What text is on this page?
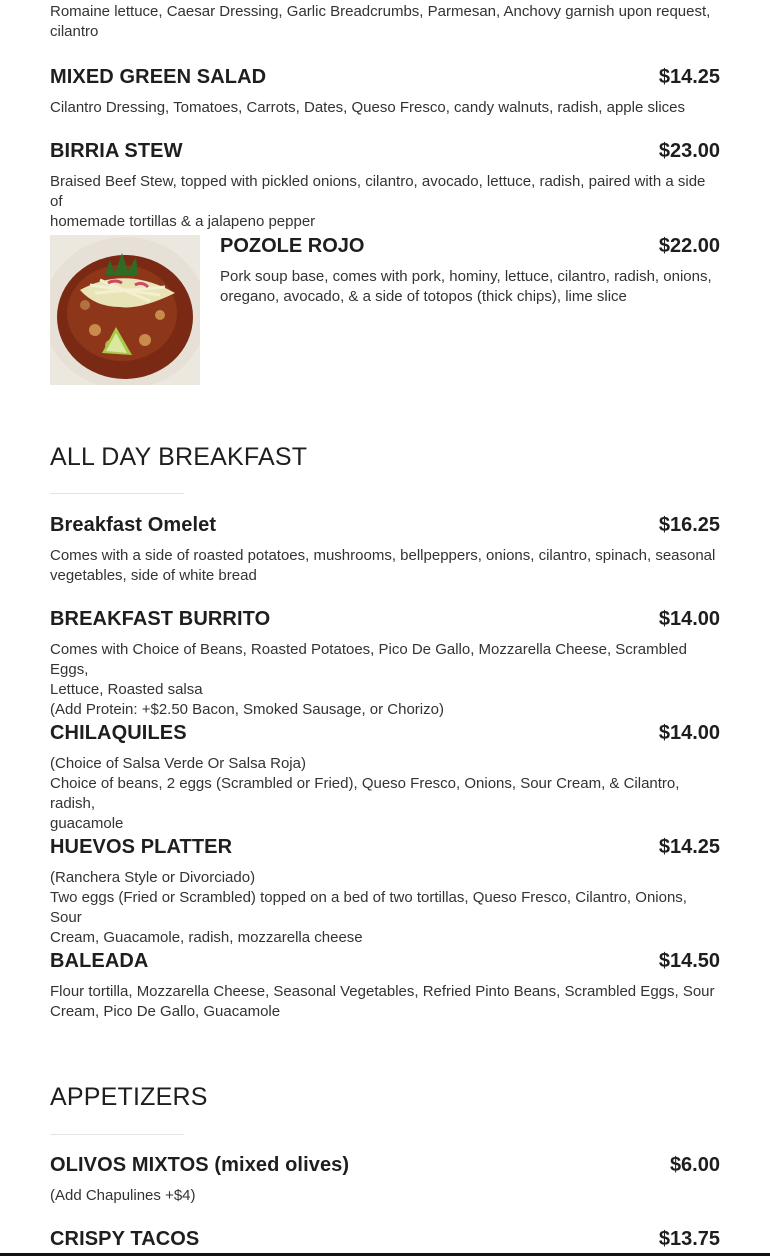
Romaine lettuce, Caesar Dressing, Garlic Breadcrumbs, Parmesan, Anchovy garnish upon request,
cilantro
MIXED GREEN SALAD	$14.25
Cilantro Dressing, Tomatoes, Carrots, Dates, Queso Fresco, candy walnuts, radish, apple slices
BIRRIA STEW	$23.00
Braised Beef Stew, topped with pickled onions, cilantro, avocado, lettuce, radish, paired with a side of
homemade tortillas & a jalapeno pepper
POZOLE ROJO	$22.00
Pork soup base, comes with pork, hominy, lettuce, cilantro, radish, onions,
oregano, avocado, & a side of totopos (thick chips), lime slice
ALL DAY BREAKFAST
Breakfast Omelet	$16.25
Comes with a side of roasted potatoes, mushrooms, bellpeppers, onions, cilantro, spinach, seasonal
vegetables, side of white bread
BREAKFAST BURRITO	$14.00
Comes with Choice of Beans, Roasted Potatoes, Pico De Gallo, Mozzarella Cheese, Scrambled Eggs,
Lettuce, Roasted salsa
(Add Protein: +$2.50 Bacon, Smoked Sausage, or Chorizo)
CHILAQUILES	$14.00
(Choice of Salsa Verde Or Salsa Roja)
Choice of beans, 2 eggs (Scrambled or Fried), Queso Fresco, Onions, Sour Cream, & Cilantro, radish,
guacamole
HUEVOS PLATTER	$14.25
(Ranchera Style or Divorciado)
Two eggs (Fried or Scrambled) topped on a bed of two tortillas, Queso Fresco, Cilantro, Onions, Sour
Cream, Guacamole, radish, mozzarella cheese
BALEADA	$14.50
Flour tortilla, Mozzarella Cheese, Seasonal Vegetables, Refried Pinto Beans, Scrambled Eggs, Sour
Cream, Pico De Gallo, Guacamole
APPETIZERS
OLIVOS MIXTOS (mixed olives)	$6.00
(Add Chapulines +$4)
CRISPY TACOS	$13.75
